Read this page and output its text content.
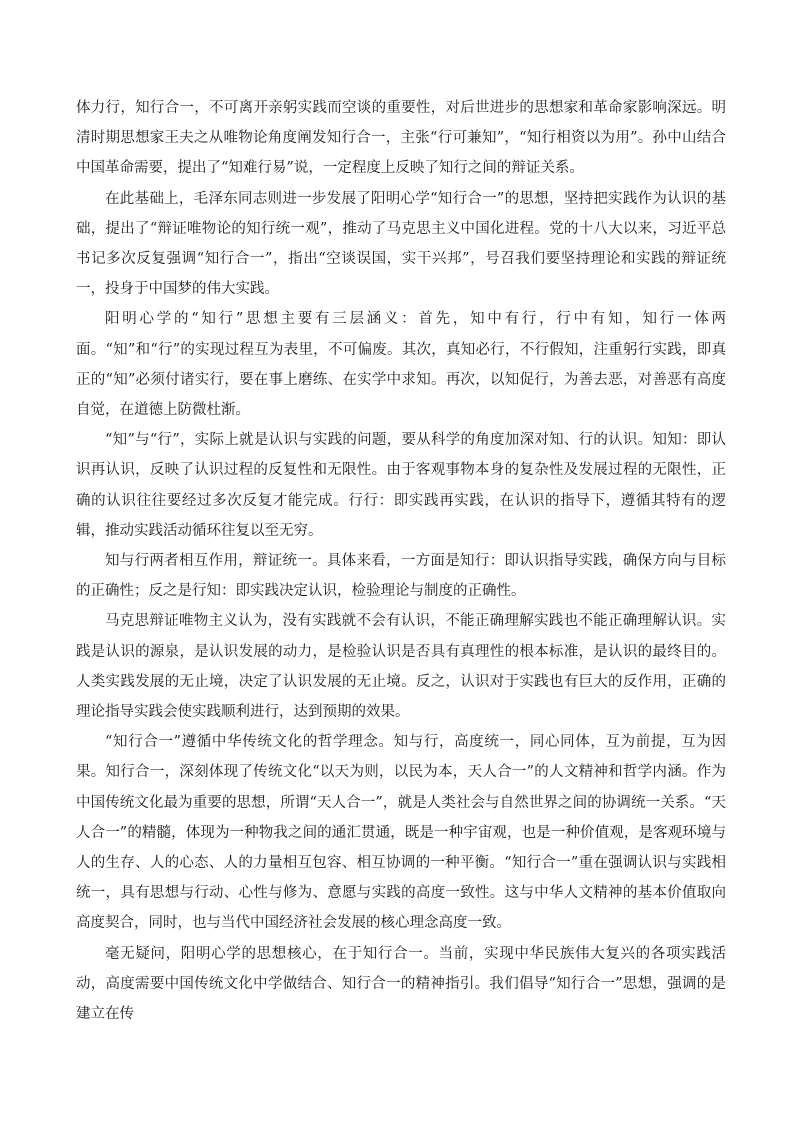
体力行，知行合一，不可离开亲躬实践而空谈的重要性，对后世进步的思想家和革命家影响深远。明清时期思想家王夫之从唯物论角度阐发知行合一，主张“行可兼知”，“知行相资以为用”。孙中山结合中国革命需要，提出了“知难行易”说，一定程度上反映了知行之间的辩证关系。

在此基础上，毛泽东同志则进一步发展了阳明心学“知行合一”的思想，坚持把实践作为认识的基础，提出了“辩证唯物论的知行统一观”，推动了马克思主义中国化进程。党的十八大以来，习近平总书记多次反复强调“知行合一”，指出“空谈误国，实干兴邦”，号召我们要坚持理论和实践的辩证统一，投身于中国梦的伟大实践。

阳明心学的“知行”思想主要有三层涵义：首先，知中有行，行中有知，知行一体两面。“知”和“行”的实现过程互为表里，不可偏废。其次，真知必行，不行假知，注重躬行实践，即真正的“知”必须付诸实行，要在事上磨练、在实学中求知。再次，以知促行，为善去恶，对善恶有高度自觉，在道德上防微杜渐。

“知”与“行”，实际上就是认识与实践的问题，要从科学的角度加深对知、行的认识。知知：即认识再认识，反映了认识过程的反复性和无限性。由于客观事物本身的复杂性及发展过程的无限性，正确的认识往往要经过多次反复才能完成。行行：即实践再实践，在认识的指导下，遵循其特有的逻辑，推动实践活动循环往复以至无穷。

知与行两者相互作用，辩证统一。具体来看，一方面是知行：即认识指导实践，确保方向与目标的正确性；反之是行知：即实践决定认识，检验理论与制度的正确性。

马克思辩证唯物主义认为，没有实践就不会有认识，不能正确理解实践也不能正确理解认识。实践是认识的源泉，是认识发展的动力，是检验认识是否具有真理性的根本标准，是认识的最终目的。人类实践发展的无止境，决定了认识发展的无止境。反之，认识对于实践也有巨大的反作用，正确的理论指导实践会使实践顺利进行，达到预期的效果。

“知行合一”遵循中华传统文化的哲学理念。知与行，高度统一，同心同体，互为前提，互为因果。知行合一，深刻体现了传统文化“以天为则，以民为本，天人合一”的人文精神和哲学内涵。作为中国传统文化最为重要的思想，所谓“天人合一”，就是人类社会与自然世界之间的协调统一关系。“天人合一”的精髓，体现为一种物我之间的通汇贯通，既是一种宇宙观，也是一种价值观，是客观环境与人的生存、人的心态、人的力量相互包容、相互协调的一种平衡。“知行合一”重在强调认识与实践相统一，具有思想与行动、心性与修为、意愿与实践的高度一致性。这与中华人文精神的基本价值取向高度契合，同时，也与当代中国经济社会发展的核心理念高度一致。

毫无疑问，阳明心学的思想核心，在于知行合一。当前，实现中华民族伟大复兴的各项实践活动，高度需要中国传统文化中学做结合、知行合一的精神指引。我们倡导“知行合一”思想，强调的是建立在传
